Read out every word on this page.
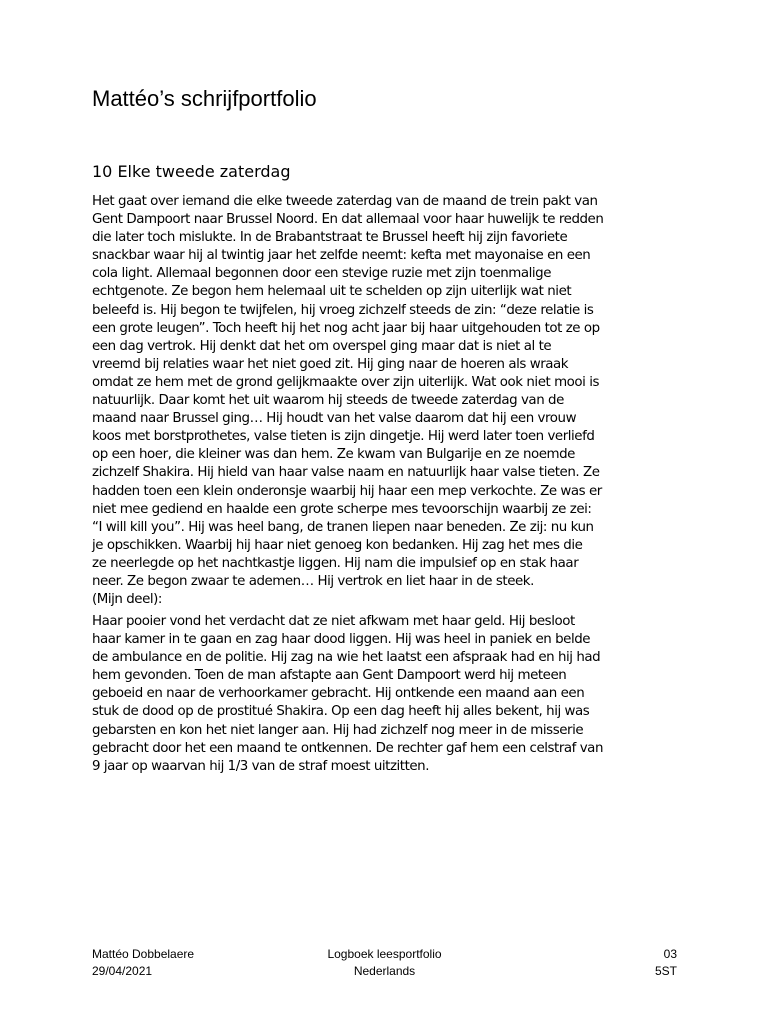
Mattéo’s schrijfportfolio
10 Elke tweede zaterdag
Het gaat over iemand die elke tweede zaterdag van de maand de trein pakt van
Gent Dampoort naar Brussel Noord. En dat allemaal voor haar huwelijk te redden
die later toch mislukte. In de Brabantstraat te Brussel heeft hij zijn favoriete
snackbar waar hij al twintig jaar het zelfde neemt: kefta met mayonaise en een
cola light. Allemaal begonnen door een stevige ruzie met zijn toenmalige
echtgenote. Ze begon hem helemaal uit te schelden op zijn uiterlijk wat niet
beleefd is. Hij begon te twijfelen, hij vroeg zichzelf steeds de zin: “deze relatie is
een grote leugen”. Toch heeft hij het nog acht jaar bij haar uitgehouden tot ze op
een dag vertrok. Hij denkt dat het om overspel ging maar dat is niet al te
vreemd bij relaties waar het niet goed zit. Hij ging naar de hoeren als wraak
omdat ze hem met de grond gelijkmaakte over zijn uiterlijk. Wat ook niet mooi is
natuurlijk. Daar komt het uit waarom hij steeds de tweede zaterdag van de
maand naar Brussel ging… Hij houdt van het valse daarom dat hij een vrouw
koos met borstprothetes, valse tieten is zijn dingetje. Hij werd later toen verliefd
op een hoer, die kleiner was dan hem. Ze kwam van Bulgarije en ze noemde
zichzelf Shakira. Hij hield van haar valse naam en natuurlijk haar valse tieten. Ze
hadden toen een klein onderonsje waarbij hij haar een mep verkochte. Ze was er
niet mee gediend en haalde een grote scherpe mes tevoorschijn waarbij ze zei:
“I will kill you”. Hij was heel bang, de tranen liepen naar beneden. Ze zij: nu kun
je opschikken. Waarbij hij haar niet genoeg kon bedanken. Hij zag het mes die
ze neerlegde op het nachtkastje liggen. Hij nam die impulsief op en stak haar
neer. Ze begon zwaar te ademen… Hij vertrok en liet haar in de steek.

(Mijn deel):

Haar pooier vond het verdacht dat ze niet afkwam met haar geld. Hij besloot
haar kamer in te gaan en zag haar dood liggen. Hij was heel in paniek en belde
de ambulance en de politie. Hij zag na wie het laatst een afspraak had en hij had
hem gevonden. Toen de man afstapte aan Gent Dampoort werd hij meteen
geboeid en naar de verhoorkamer gebracht. Hij ontkende een maand aan een
stuk de dood op de prostitué Shakira. Op een dag heeft hij alles bekent, hij was
gebarsten en kon het niet langer aan. Hij had zichzelf nog meer in de misserie
gebracht door het een maand te ontkennen. De rechter gaf hem een celstraf van
9 jaar op waarvan hij 1/3 van de straf moest uitzitten.
Mattéo Dobbelaere
29/04/2021
Logboek leesportfolio
Nederlands
03
5ST
